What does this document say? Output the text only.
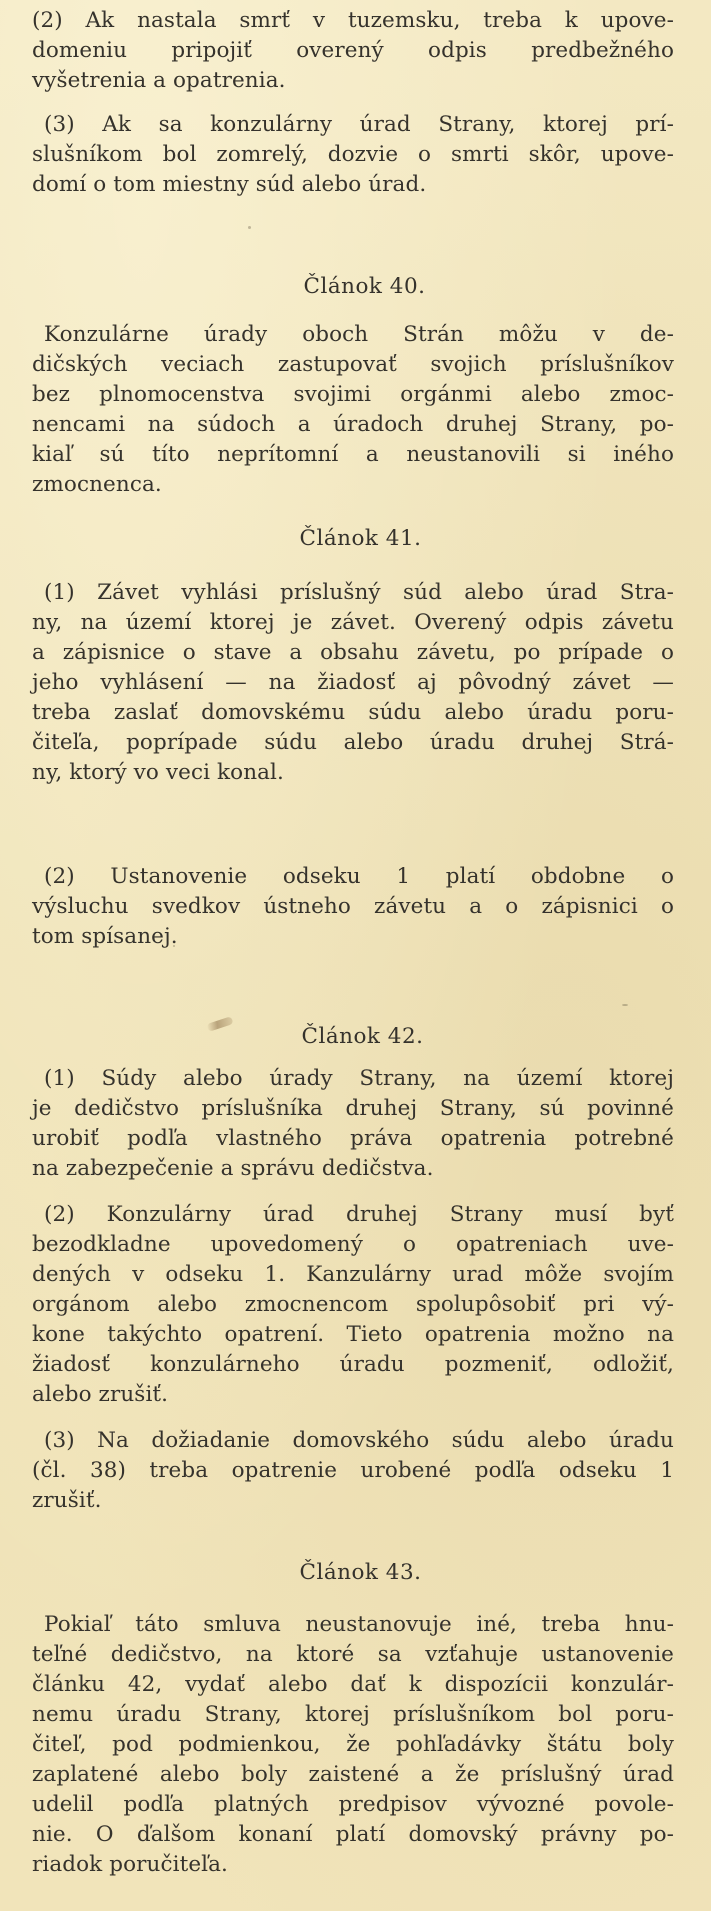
(2) Ak nastala smrť v tuzemsku, treba k upove-
domeniu pripojiť overený odpis predbežného
vyšetrenia a opatrenia.

(3) Ak sa konzulárny úrad Strany, ktorej prí-
slušníkom bol zomrelý, dozvie o smrti skôr, upove-
domí o tom miestny súd alebo úrad.

Článok 40.

Konzulárne úrady oboch Strán môžu v de-
dičských veciach zastupovať svojich príslušníkov
bez plnomocenstva svojimi orgánmi alebo zmoc-
nencami na súdoch a úradoch druhej Strany, po-
kiaľ sú títo neprítomní a neustanovili si iného
zmocnenca.

Článok 41.

(1) Závet vyhlási príslušný súd alebo úrad Stra-
ny, na území ktorej je závet. Overený odpis závetu
a zápisnice o stave a obsahu závetu, po prípade o
jeho vyhlásení — na žiadosť aj pôvodný závet —
treba zaslať domovskému súdu alebo úradu poru-
čiteľa, poprípade súdu alebo úradu druhej Strá-
ny, ktorý vo veci konal.

(2) Ustanovenie odseku 1 platí obdobne o
výsluchu svedkov ústneho závetu a o zápisnici o
tom spísanej.

Článok 42.

(1) Súdy alebo úrady Strany, na území ktorej
je dedičstvo príslušníka druhej Strany, sú povinné
urobiť podľa vlastného práva opatrenia potrebné
na zabezpečenie a správu dedičstva.

(2) Konzulárny úrad druhej Strany musí byť
bezodkladne upovedomený o opatreniach uve-
dených v odseku 1. Kanzulárny urad môže svojím
orgánom alebo zmocnencom spolupôsobiť pri vý-
kone takýchto opatrení. Tieto opatrenia možno na
žiadosť konzulárneho úradu pozmeniť, odložiť,
alebo zrušiť.

(3) Na dožiadanie domovského súdu alebo úradu
(čl. 38) treba opatrenie urobené podľa odseku 1
zrušiť.

Článok 43.

Pokiaľ táto smluva neustanovuje iné, treba hnu-
teľné dedičstvo, na ktoré sa vzťahuje ustanovenie
článku 42, vydať alebo dať k dispozícii konzulár-
nemu úradu Strany, ktorej príslušníkom bol poru-
čiteľ, pod podmienkou, že pohľadávky štátu boly
zaplatené alebo boly zaistené a že príslušný úrad
udelil podľa platných predpisov vývozné povole-
nie. O ďalšom konaní platí domovský právny po-
riadok poručiteľa.
